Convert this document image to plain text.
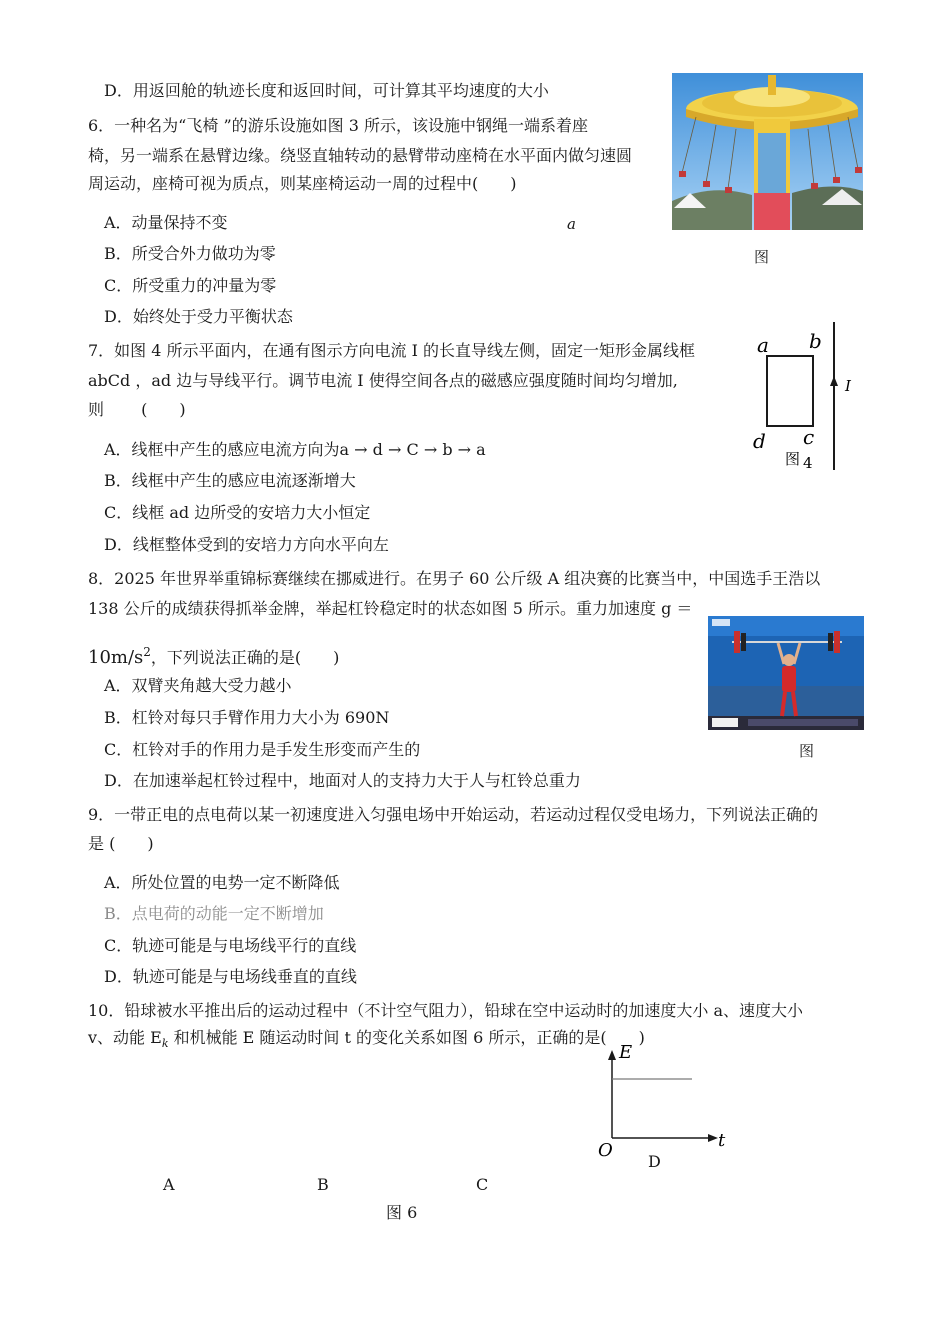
D．用返回舱的轨迹长度和返回时间，可计算其平均速度的大小
6．一种名为“飞椅 ”的游乐设施如图 3 所示，该设施中钢绳一端系着座
椅，另一端系在悬臂边缘。绕竖直轴转动的悬臂带动座椅在水平面内做匀速圆
周运动，座椅可视为质点，则某座椅运动一周的过程中(　　)
A．动量保持不变	a
图
B．所受合外力做功为零
C．所受重力的冲量为零
D．始终处于受力平衡状态
7．如图 4 所示平面内，在通有图示方向电流 I 的长直导线左侧，固定一矩形金属线框
abCd ，ad 边与导线平行。调节电流 I 使得空间各点的磁感应强度随时间均匀增加,
则　　 (　　)
A．线框中产生的感应电流方向为a → d → C → b → a
B．线框中产生的感应电流逐渐增大
C．线框 ad 边所受的安培力大小恒定
D．线框整体受到的安培力方向水平向左
a b
c
d
I
图 4
8．2025 年世界举重锦标赛继续在挪威进行。在男子 60 公斤级 A 组决赛的比赛当中，中国选手王浩以
138 公斤的成绩获得抓举金牌，举起杠铃稳定时的状态如图 5 所示。重力加速度 g ＝
$10m/s^2$，下列说法正确的是(　　)
A．双臂夹角越大受力越小
B．杠铃对每只手臂作用力大小为 690N
C．杠铃对手的作用力是手发生形变而产生的	图
D．在加速举起杠铃过程中，地面对人的支持力大于人与杠铃总重力
9．一带正电的点电荷以某一初速度进入匀强电场中开始运动，若运动过程仅受电场力，下列说法正确的
是 (　　)
A．所处位置的电势一定不断降低
B．点电荷的动能一定不断增加
C．轨迹可能是与电场线平行的直线
D．轨迹可能是与电场线垂直的直线
10．铅球被水平推出后的运动过程中（不计空气阻力），铅球在空中运动时的加速度大小 a、速度大小
v、动能 $E_k$ 和机械能 E 随运动时间 t 的变化关系如图 6 所示，正确的是(　　)
E
O	t
A	B	C
D
图 6
